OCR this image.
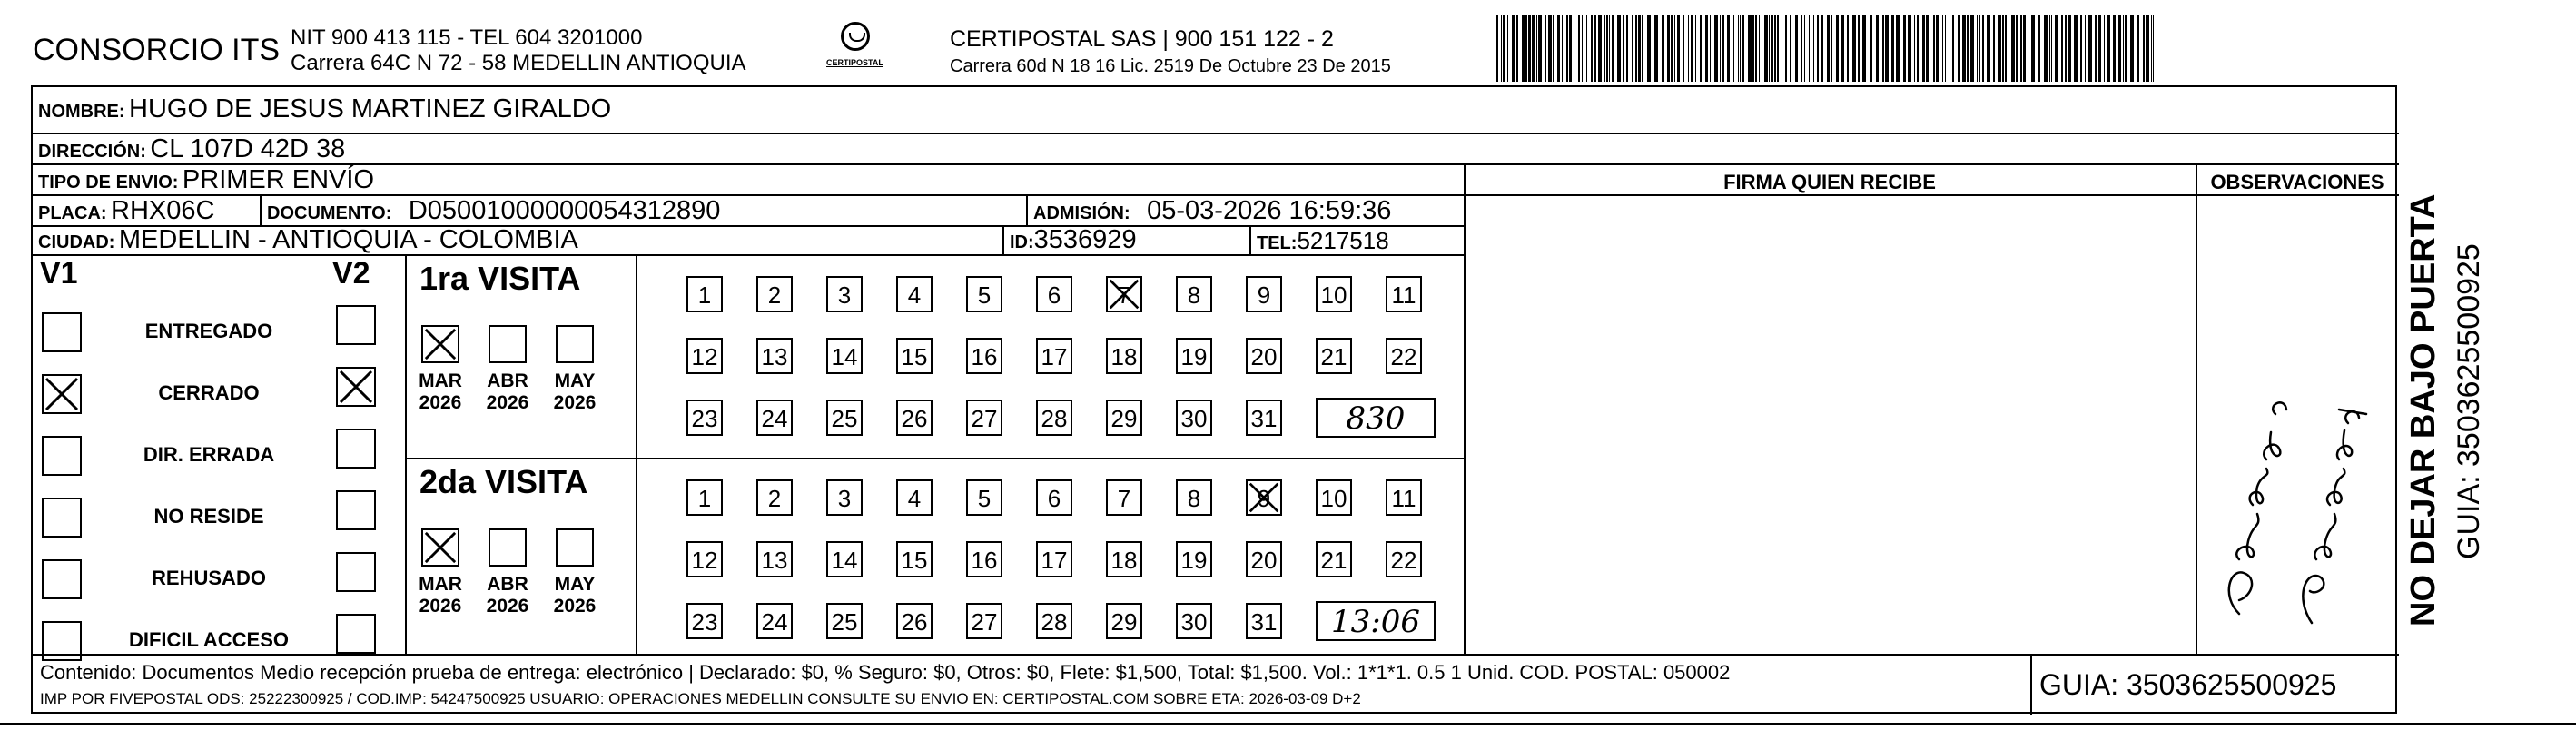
CONSORCIO ITS NIT 900 413 115 - TEL 604 3201000
Carrera 64C N 72 - 58 MEDELLIN ANTIOQUIA	CERTIPOSTAL
CERTIPOSTAL SAS | 900 151 122 - 2
Carrera 60d N 18 16 Lic. 2519 De Octubre 23 De 2015
NOMBRE: HUGO DE JESUS MARTINEZ GIRALDO
DIRECCIÓN: CL 107D 42D 38
TIPO DE ENVIO: PRIMER ENVÍO
PLACA: RHX06C	DOCUMENTO: D05001000000054312890	ADMISIÓN: 05-03-2026 16:59:36
CIUDAD: MEDELLIN - ANTIOQUIA - COLOMBIA	ID:3536929	TEL:5217518
FIRMA QUIEN RECIBE	OBSERVACIONES
V1	V2
ENTREGADO
CERRADO
DIR. ERRADA
NO RESIDE
REHUSADO
DIFICIL ACCESO
1ra VISITA
MAR
2026
ABR
2026
MAY
2026
1	2	3	4	5	6	7	8	9	10 11
12 13 14 15 16 17 18 19 20 21 22
23 24 25 26 27 28 29 30 31	830
2da VISITA
MAR
2026
ABR
2026
MAY
2026
1	2	3	4	5	6	7	8	9	10 11
12 13 14 15 16 17 18 19 20 21 22
23 24 25 26 27 28 29 30 31	13:06
Contenido: Documentos Medio recepción prueba de entrega: electrónico | Declarado: $0, % Seguro: $0, Otros: $0, Flete: $1,500, Total: $1,500. Vol.: 1*1*1. 0.5 1 Unid. COD. POSTAL: 050002
IMP POR FIVEPOSTAL ODS: 25222300925 / COD.IMP: 54247500925 USUARIO: OPERACIONES MEDELLIN CONSULTE SU ENVIO EN: CERTIPOSTAL.COM SOBRE ETA: 2026-03-09 D+2	GUIA: 3503625500925
NO DEJAR BAJO PUERTA GUIA: 3503625500925
